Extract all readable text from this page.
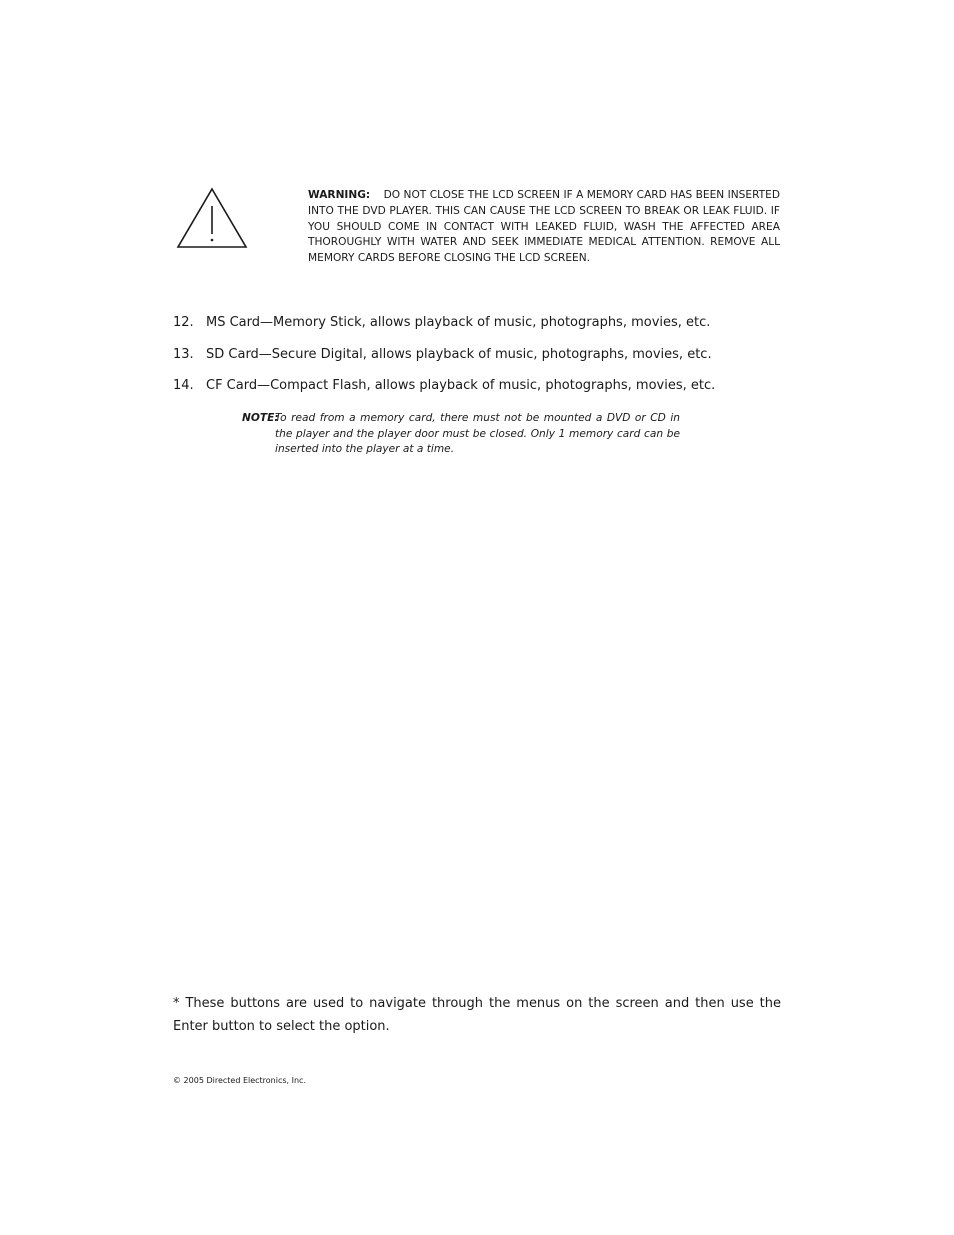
WARNING: DO NOT CLOSE THE LCD SCREEN IF A MEMORY CARD HAS BEEN INSERTED INTO THE DVD PLAYER. THIS CAN CAUSE THE LCD SCREEN TO BREAK OR LEAK FLUID. IF YOU SHOULD COME IN CONTACT WITH LEAKED FLUID, WASH THE AFFECTED AREA THOROUGHLY WITH WATER AND SEEK IMMEDIATE MEDICAL ATTENTION. REMOVE ALL MEMORY CARDS BEFORE CLOSING THE LCD SCREEN.
12. MS Card—Memory Stick, allows playback of music, photographs, movies, etc.
13. SD Card—Secure Digital, allows playback of music, photographs, movies, etc.
14. CF Card—Compact Flash, allows playback of music, photographs, movies, etc.
NOTE:
To read from a memory card, there must not be mounted a DVD or CD in the player and the player door must be closed. Only 1 memory card can be inserted into the player at a time.
* These buttons are used to navigate through the menus on the screen and then use the Enter button to select the option.
© 2005 Directed Electronics, Inc.
